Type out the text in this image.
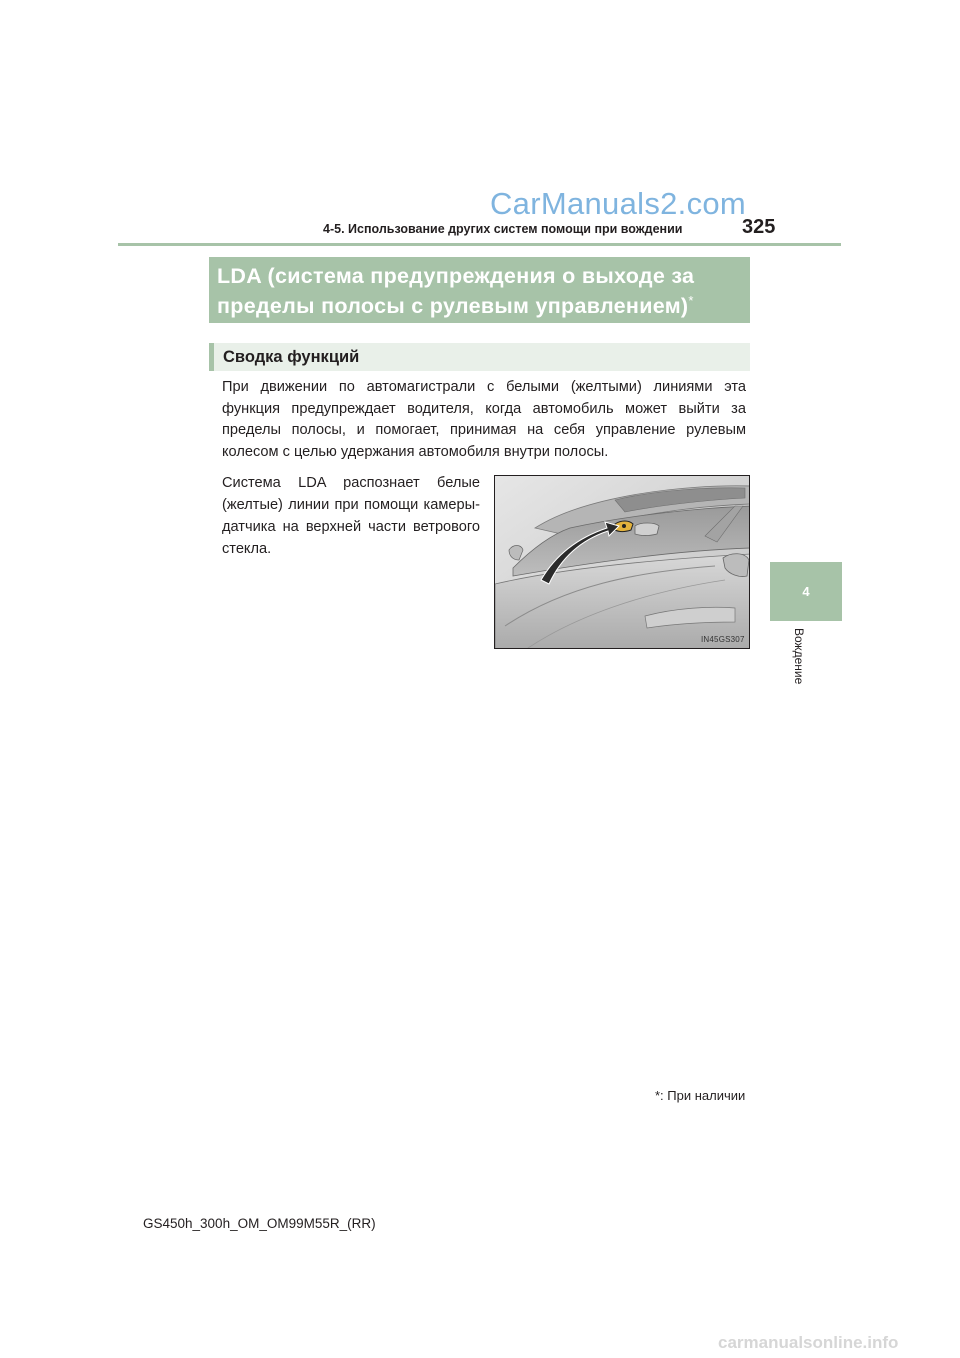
CarManuals2.com
4-5. Использование других систем помощи при вождении	325
4
Вождение
LDA (система предупреждения о выходе за
пределы полосы с рулевым управлением)*
Сводка функций
При движении по автомагистрали с белыми (желтыми) линиями эта функция предупреждает водителя, когда автомобиль может выйти за пределы полосы, и помогает, принимая на себя управление рулевым колесом с целью удержания автомобиля внутри полосы.
Система LDA распознает белые (желтые) линии при помощи камеры-датчика на верхней части ветрового стекла.
IN45GS307
*: При наличии
GS450h_300h_OM_OM99M55R_(RR)
carmanualsonline.info
